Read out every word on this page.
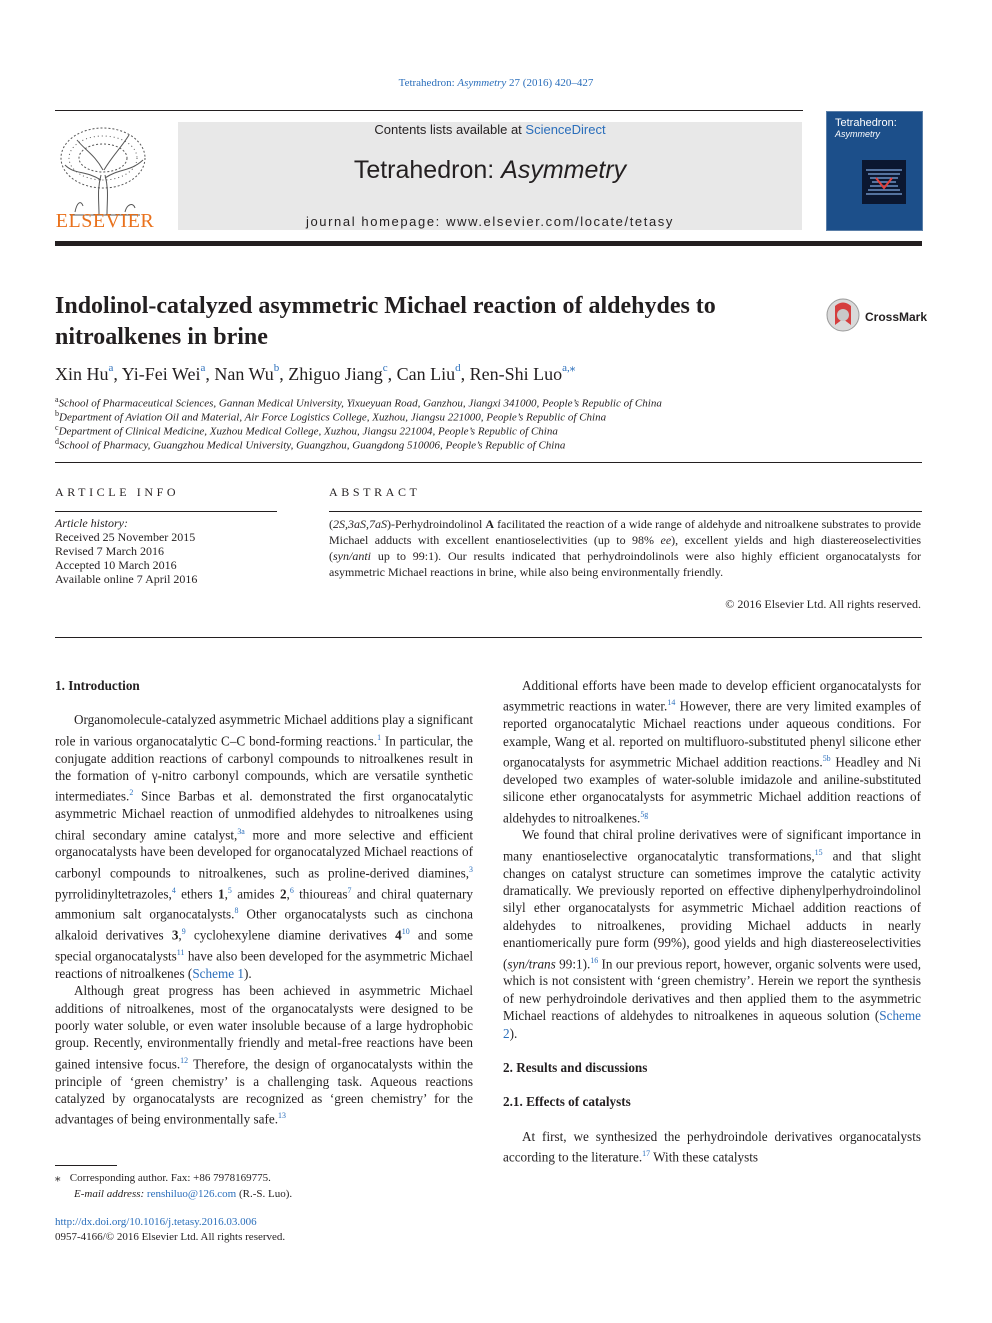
Tetrahedron: Asymmetry 27 (2016) 420–427
ELSEVIER
Contents lists available at ScienceDirect
Tetrahedron: Asymmetry
journal homepage: www.elsevier.com/locate/tetasy
Tetrahedron:
Asymmetry
Indolinol-catalyzed asymmetric Michael reaction of aldehydes to nitroalkenes in brine
CrossMark
Xin Hu$^a$, Yi-Fei Wei$^a$, Nan Wu$^b$, Zhiguo Jiang$^c$, Can Liu$^d$, Ren-Shi Luo$^{a,⁎}$
$^a$School of Pharmaceutical Sciences, Gannan Medical University, Yixueyuan Road, Ganzhou, Jiangxi 341000, People’s Republic of China
$^b$Department of Aviation Oil and Material, Air Force Logistics College, Xuzhou, Jiangsu 221000, People’s Republic of China
$^c$Department of Clinical Medicine, Xuzhou Medical College, Xuzhou, Jiangsu 221004, People’s Republic of China
$^d$School of Pharmacy, Guangzhou Medical University, Guangzhou, Guangdong 510006, People’s Republic of China
ARTICLE INFO	ABSTRACT
Article history:
Received 25 November 2015
Revised 7 March 2016
Accepted 10 March 2016
Available online 7 April 2016
(2S,3aS,7aS)-Perhydroindolinol A facilitated the reaction of a wide range of aldehyde and nitroalkene substrates to provide Michael adducts with excellent enantioselectivities (up to 98% ee), excellent yields and high diastereoselectivities (syn/anti up to 99:1). Our results indicated that perhydroindolinols were also highly efficient organocatalysts for asymmetric Michael reactions in brine, while also being environmentally friendly.
© 2016 Elsevier Ltd. All rights reserved.
1. Introduction

Organomolecule-catalyzed asymmetric Michael additions play a significant role in various organocatalytic C–C bond-forming reactions.$^1$ In particular, the conjugate addition reactions of carbonyl compounds to nitroalkenes result in the formation of γ-nitro carbonyl compounds, which are versatile synthetic intermediates.$^2$ Since Barbas et al. demonstrated the first organocatalytic asymmetric Michael reaction of unmodified aldehydes to nitroalkenes using chiral secondary amine catalyst,$^{3a}$ more and more selective and efficient organocatalysts have been developed for organocatalyzed Michael reactions of carbonyl compounds to nitroalkenes, such as proline-derived diamines,$^3$ pyrrolidinyltetrazoles,$^4$ ethers 1,$^5$ amides 2,$^6$ thioureas$^7$ and chiral quaternary ammonium salt organocatalysts.$^8$ Other organocatalysts such as cinchona alkaloid derivatives 3,$^9$ cyclohexylene diamine derivatives $4^{10}$ and some special organocatalysts$^{11}$ have also been developed for the asymmetric Michael reactions of nitroalkenes (Scheme 1).

Although great progress has been achieved in asymmetric Michael additions of nitroalkenes, most of the organocatalysts were designed to be poorly water soluble, or even water insoluble because of a large hydrophobic group. Recently, environmentally friendly and metal-free reactions have been gained intensive focus.$^{12}$ Therefore, the design of organocatalysts within the principle of ‘green chemistry’ is a challenging task. Aqueous reactions catalyzed by organocatalysts are recognized as ‘green chemistry’ for the advantages of being environmentally safe.$^{13}$

Additional efforts have been made to develop efficient organocatalysts for asymmetric reactions in water.$^{14}$ However, there are very limited examples of reported organocatalytic Michael reactions under aqueous conditions. For example, Wang et al. reported on multifluoro-substituted phenyl silicone ether organocatalysts for asymmetric Michael addition reactions.$^{5b}$ Headley and Ni developed two examples of water-soluble imidazole and aniline-substituted silicone ether organocatalysts for asymmetric Michael addition reactions of aldehydes to nitroalkenes.$^{5g}$

We found that chiral proline derivatives were of significant importance in many enantioselective organocatalytic transformations,$^{15}$ and that slight changes on catalyst structure can sometimes improve the catalytic activity dramatically. We previously reported on effective diphenylperhydroindolinol silyl ether organocatalysts for asymmetric Michael addition reactions of aldehydes to nitroalkenes, providing Michael adducts in nearly enantiomerically pure form (99%), good yields and high diastereoselectivities (syn/trans 99:1).$^{16}$ In our previous report, however, organic solvents were used, which is not consistent with ‘green chemistry’. Herein we report the synthesis of new perhydroindole derivatives and then applied them to the asymmetric Michael reactions of aldehydes to nitroalkenes in aqueous solution (Scheme 2).

2. Results and discussions
2.1. Effects of catalysts

At first, we synthesized the perhydroindole derivatives organocatalysts according to the literature.$^{17}$ With these catalysts

⁎ Corresponding author. Fax: +86 7978169775.
E-mail address: renshiluo@126.com (R.-S. Luo).
http://dx.doi.org/10.1016/j.tetasy.2016.03.006
0957-4166/© 2016 Elsevier Ltd. All rights reserved.
